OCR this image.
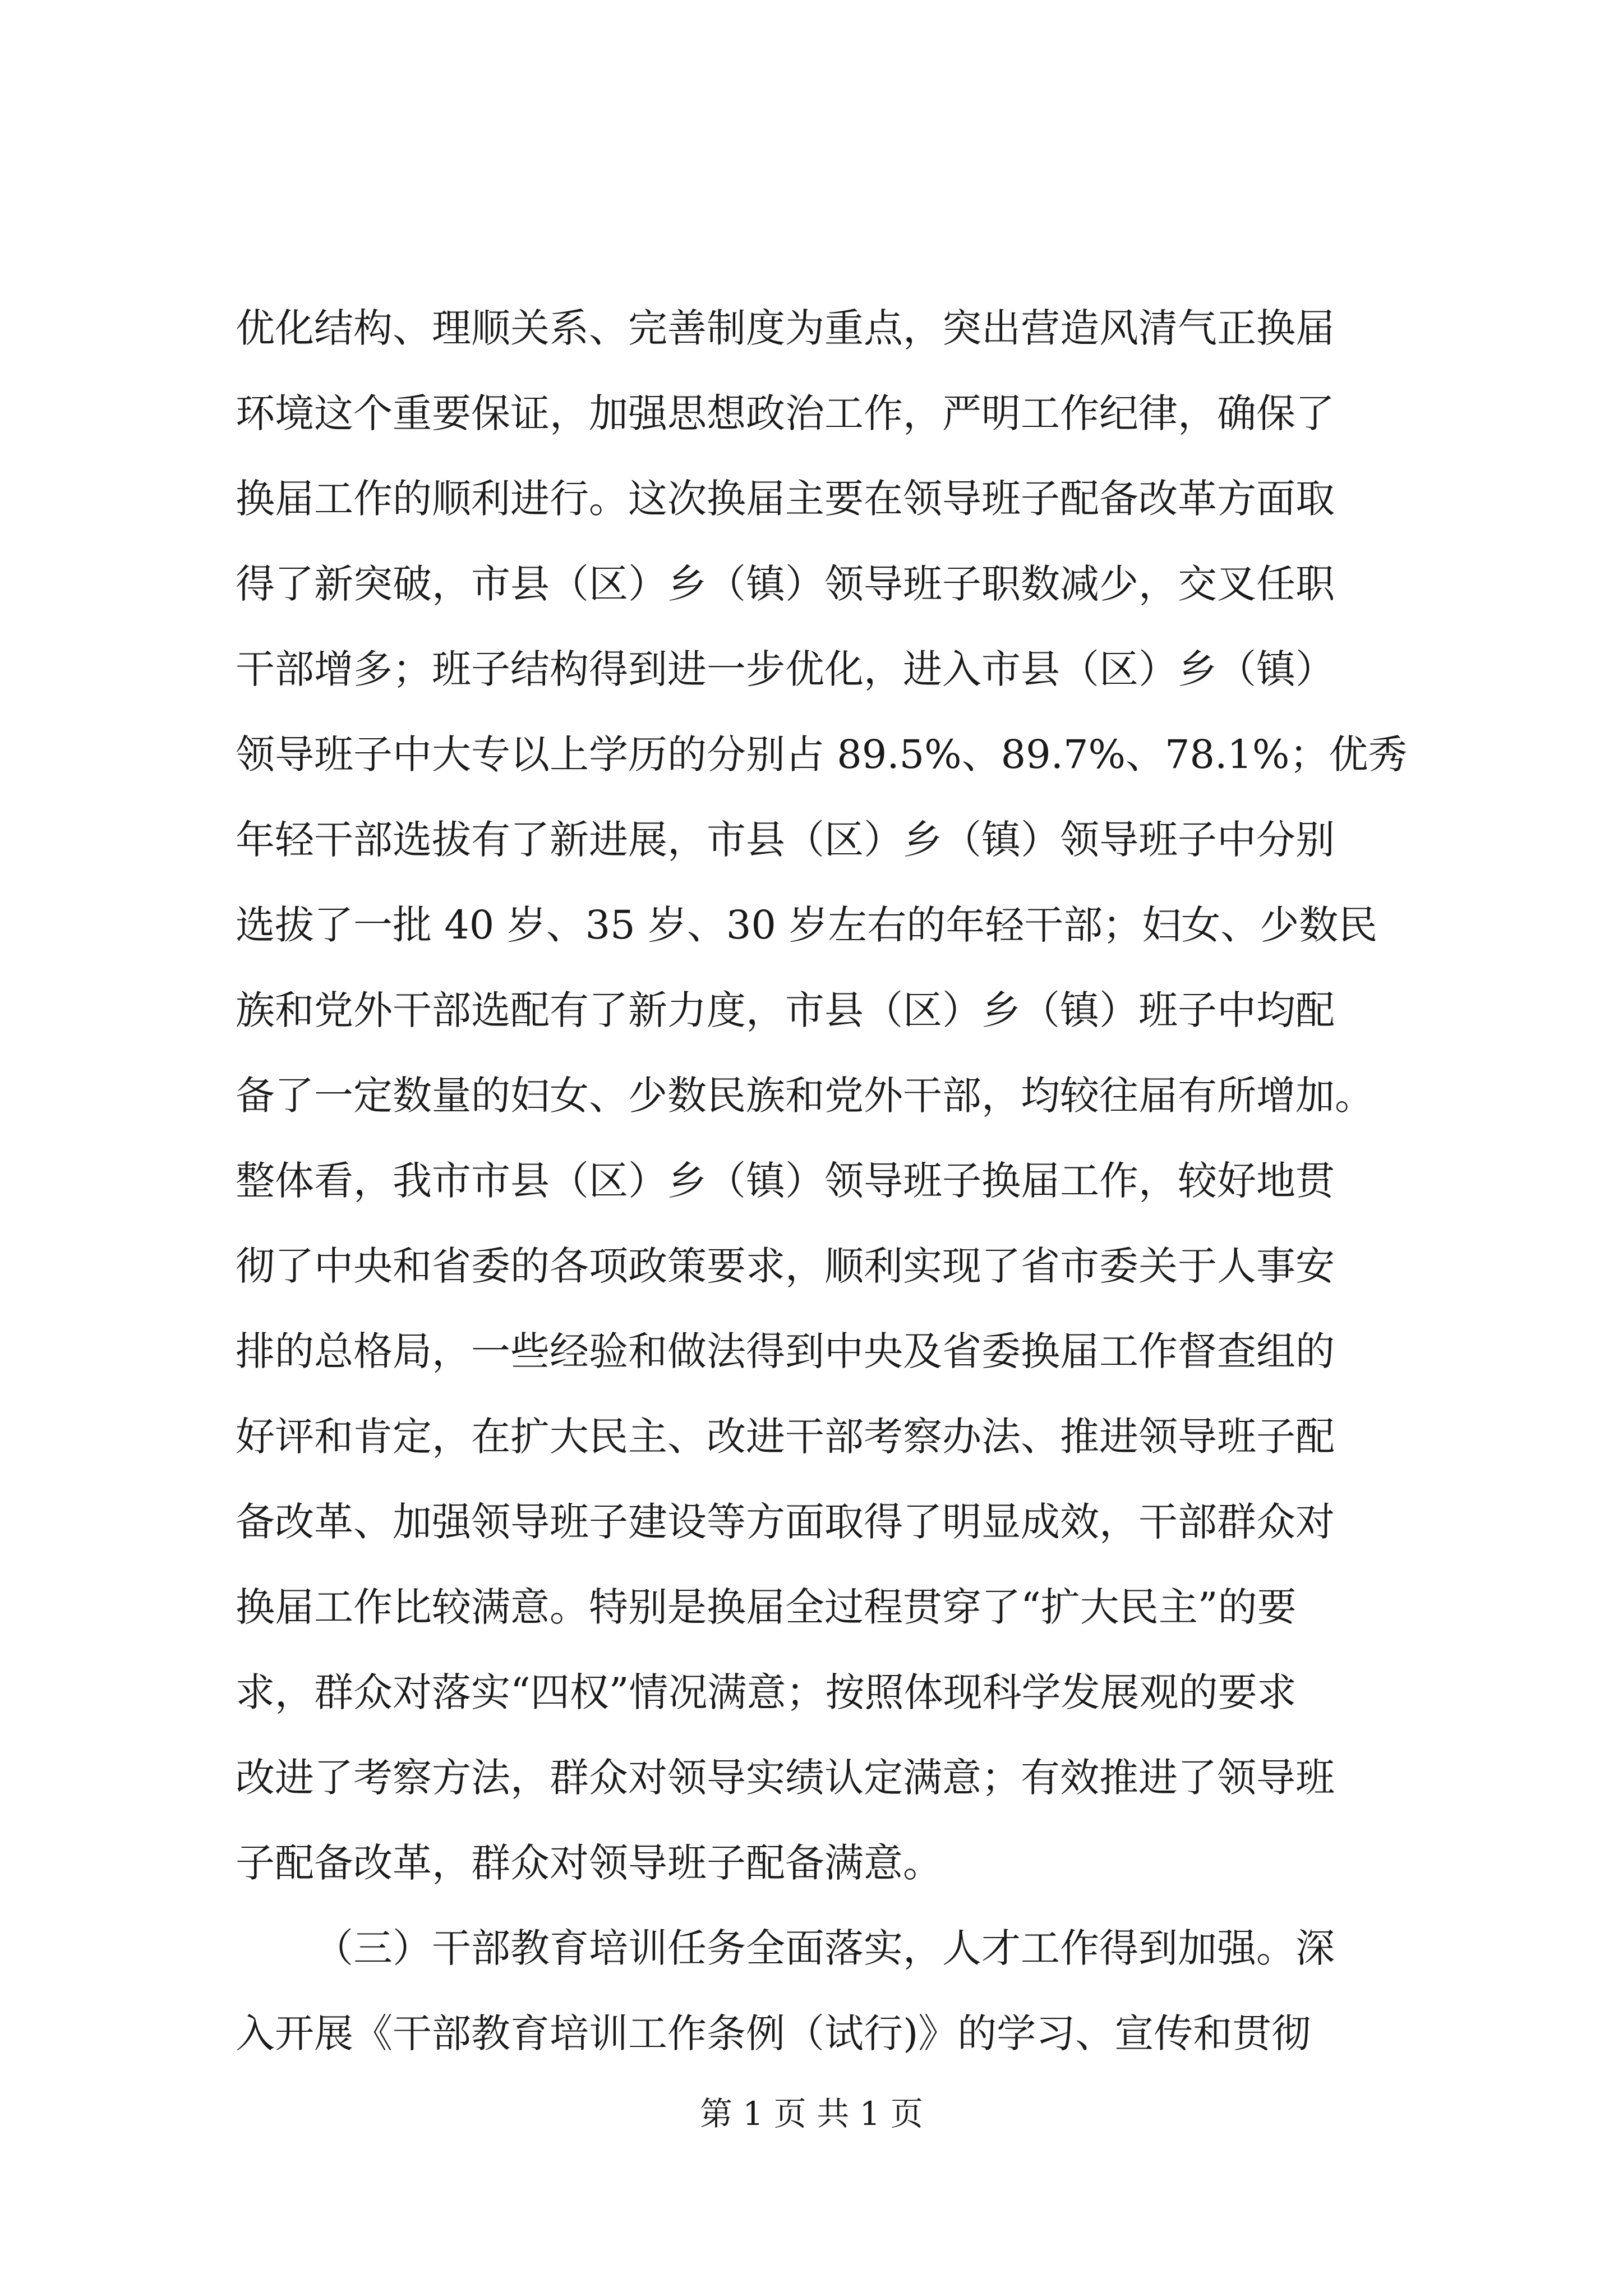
优化结构、理顺关系、完善制度为重点，突出营造风清气正换届
环境这个重要保证，加强思想政治工作，严明工作纪律，确保了
换届工作的顺利进行。这次换届主要在领导班子配备改革方面取
得了新突破，市县（区）乡（镇）领导班子职数减少，交叉任职
干部增多；班子结构得到进一步优化，进入市县（区）乡（镇）
领导班子中大专以上学历的分别占 89.5%、89.7%、78.1%；优秀
年轻干部选拔有了新进展，市县（区）乡（镇）领导班子中分别
选拔了一批 40 岁、35 岁、30 岁左右的年轻干部；妇女、少数民
族和党外干部选配有了新力度，市县（区）乡（镇）班子中均配
备了一定数量的妇女、少数民族和党外干部，均较往届有所增加。
整体看，我市市县（区）乡（镇）领导班子换届工作，较好地贯
彻了中央和省委的各项政策要求，顺利实现了省市委关于人事安
排的总格局，一些经验和做法得到中央及省委换届工作督查组的
好评和肯定，在扩大民主、改进干部考察办法、推进领导班子配
备改革、加强领导班子建设等方面取得了明显成效，干部群众对
换届工作比较满意。特别是换届全过程贯穿了“扩大民主”的要
求，群众对落实“四权”情况满意；按照体现科学发展观的要求
改进了考察方法，群众对领导实绩认定满意；有效推进了领导班
子配备改革，群众对领导班子配备满意。
（三）干部教育培训任务全面落实，人才工作得到加强。深
入开展《干部教育培训工作条例（试行)》的学习、宣传和贯彻
第 1 页 共 1 页
